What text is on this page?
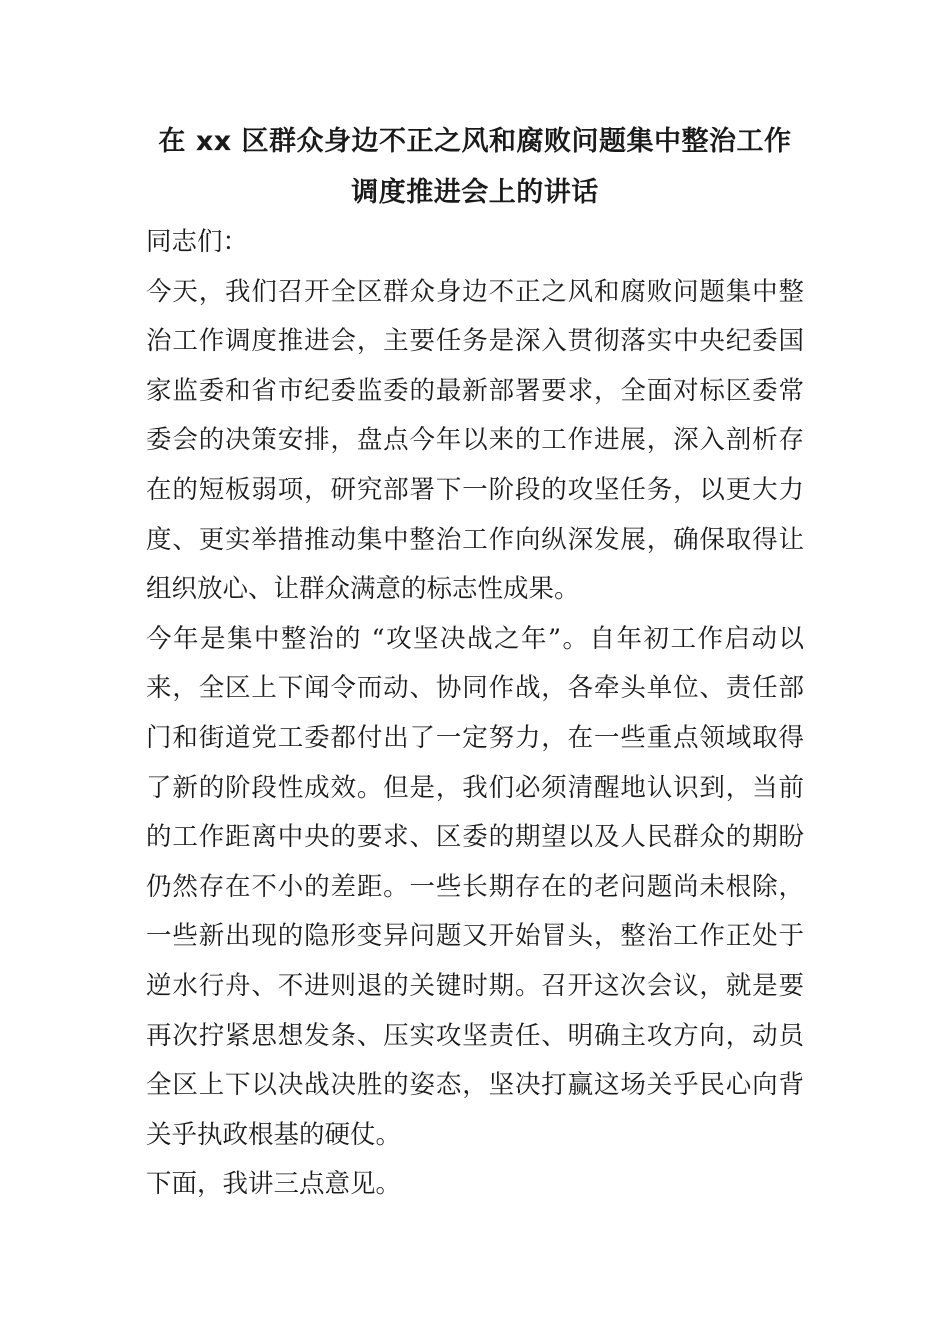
在 xx 区群众身边不正之风和腐败问题集中整治工作
调度推进会上的讲话
同志们：
今天，我们召开全区群众身边不正之风和腐败问题集中整
治工作调度推进会，主要任务是深入贯彻落实中央纪委国
家监委和省市纪委监委的最新部署要求，全面对标区委常
委会的决策安排，盘点今年以来的工作进展，深入剖析存
在的短板弱项，研究部署下一阶段的攻坚任务，以更大力
度、更实举措推动集中整治工作向纵深发展，确保取得让
组织放心、让群众满意的标志性成果。
今年是集中整治的 “攻坚决战之年”。自年初工作启动以
来，全区上下闻令而动、协同作战，各牵头单位、责任部
门和街道党工委都付出了一定努力，在一些重点领域取得
了新的阶段性成效。但是，我们必须清醒地认识到，当前
的工作距离中央的要求、区委的期望以及人民群众的期盼
仍然存在不小的差距。一些长期存在的老问题尚未根除，
一些新出现的隐形变异问题又开始冒头，整治工作正处于
逆水行舟、不进则退的关键时期。召开这次会议，就是要
再次拧紧思想发条、压实攻坚责任、明确主攻方向，动员
全区上下以决战决胜的姿态，坚决打赢这场关乎民心向背
关乎执政根基的硬仗。
下面，我讲三点意见。
